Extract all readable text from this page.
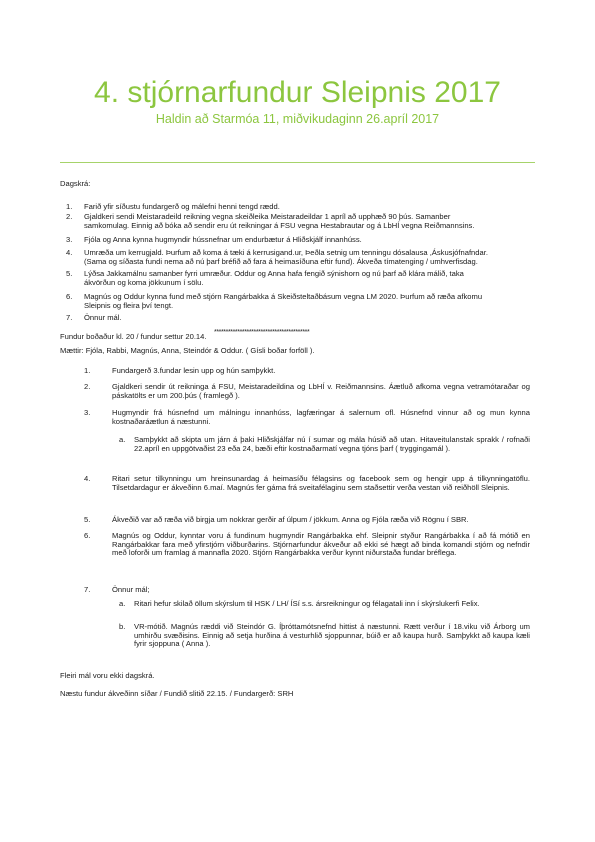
4. stjórnarfundur Sleipnis 2017

Haldin að Starmóa 11, miðvikudaginn 26.apríl 2017

Dagskrá:

1. Farið yfir síðustu fundargerð og málefni henni tengd rædd.

2. Gjaldkeri sendi Meistaradeild reikning vegna skeiðleika Meistaradeildar 1 apríl að upphæð 90 þús. Samanber

samkomulag. Einnig að bóka að sendir eru út reikningar á FSU vegna Hestabrautar og á LbHÍ vegna Reiðmannsins.

3. Fjóla og Anna kynna hugmyndir hússnefnar um endurbætur á Hliðskjálf innanhúss.

4. Umræða um kerrugjald. Þurfum að koma á tæki á kerrusigand.ur, Þeðla setnig um tenningu dósalausa ,Áskusjófnafndar.

(Sama og síðasta fundi nema að nú þarf bréfið að fara á heimasíðuna eftir fund). Ákveða tímatenging / umhverfisdag.

5. Lýðsa Jakkamálnu samanber fyrri umræður. Oddur og Anna hafa fengið sýnishorn og nú þarf að klára málið, taka

ákvörðun og koma jökkunum í sölu.

6. Magnús og Oddur kynna fund með stjórn Rangárbakka á Skeiðsteltaðbásum vegna LM 2020. Þurfum að ræða afkomu

Sleipnis og fleira því tengt.

7. Önnur mál.

*****************************************

Fundur boðaður kl. 20 / fundur settur 20.14.

Mættir: Fjóla, Rabbi, Magnús, Anna, Steindór & Oddur. ( Gísli boðar forföll ).

1.	Fundargerð 3.fundar lesin upp og hún samþykkt.

2.	Gjaldkeri sendir út reikninga á FSU, Meistaradeildina og LbHÍ v. Reiðmannsins. Áætluð afkoma vegna vetramótaraðar og páskatölts er um 200.þús ( framlegð ).

3.	Hugmyndir frá húsnefnd um málningu innanhúss, lagfæringar á salernum ofl. Húsnefnd vinnur að og mun kynna kostnaðaráætlun á næstunni.

a. Samþykkt að skipta um járn á þaki Hliðskjálfar nú í sumar og mála húsið að utan. Hitaveitulanstak sprakk / rofnaði 22.apríl en uppgötvaðist 23 eða 24, bæði eftir kostnaðarmatí vegna tjóns þarf ( tryggingamál ).

4.	Ritari setur tilkynningu um hreinsunardag á heimasíðu félagsins og facebook sem og hengir upp á tilkynningatöflu. Tilsetdardagur er ákveðinn 6.maí. Magnús fer gáma frá sveitafélaginu sem staðsettir verða vestan við reiðhöll Sleipnis.

5.	Ákveðið var að ræða við birgja um nokkrar gerðir af úlpum / jökkum. Anna og Fjóla ræða við Rögnu í SBR.

6.	Magnús og Oddur, kynntar voru á fundinum hugmyndir Rangárbakka ehf. Sleipnir styður Rangárbakka í að fá mótið en Rangárbakkar fara með yfirstjórn viðburðarins. Stjórnarfundur ákveður að ekki sé hægt að binda komandi stjórn og nefndir með loforði um framlag á mannafla 2020. Stjórn Rangárbakka verður kynnt niðurstaða fundar bréflega.

7.	Önnur mál;

a. Ritari hefur skilað öllum skýrslum til HSK / LH/ ÍSí s.s. ársreikningur og félagatali inn í skýrslukerfi Felix.

b. VR-mótið. Magnús ræddi við Steindór G. Íþróttamótsnefnd hittist á næstunni. Rætt verður í 18.viku við Árborg um umhirðu svæðisins. Einnig að setja hurðina á vesturhlið sjoppunnar, búið er að kaupa hurð. Samþykkt að kaupa kæli fyrir sjoppuna ( Anna ).

Fleiri mál voru ekki dagskrá.

Næstu fundur ákveðinn síðar / Fundið slitið 22.15. / Fundargerð: SRH
